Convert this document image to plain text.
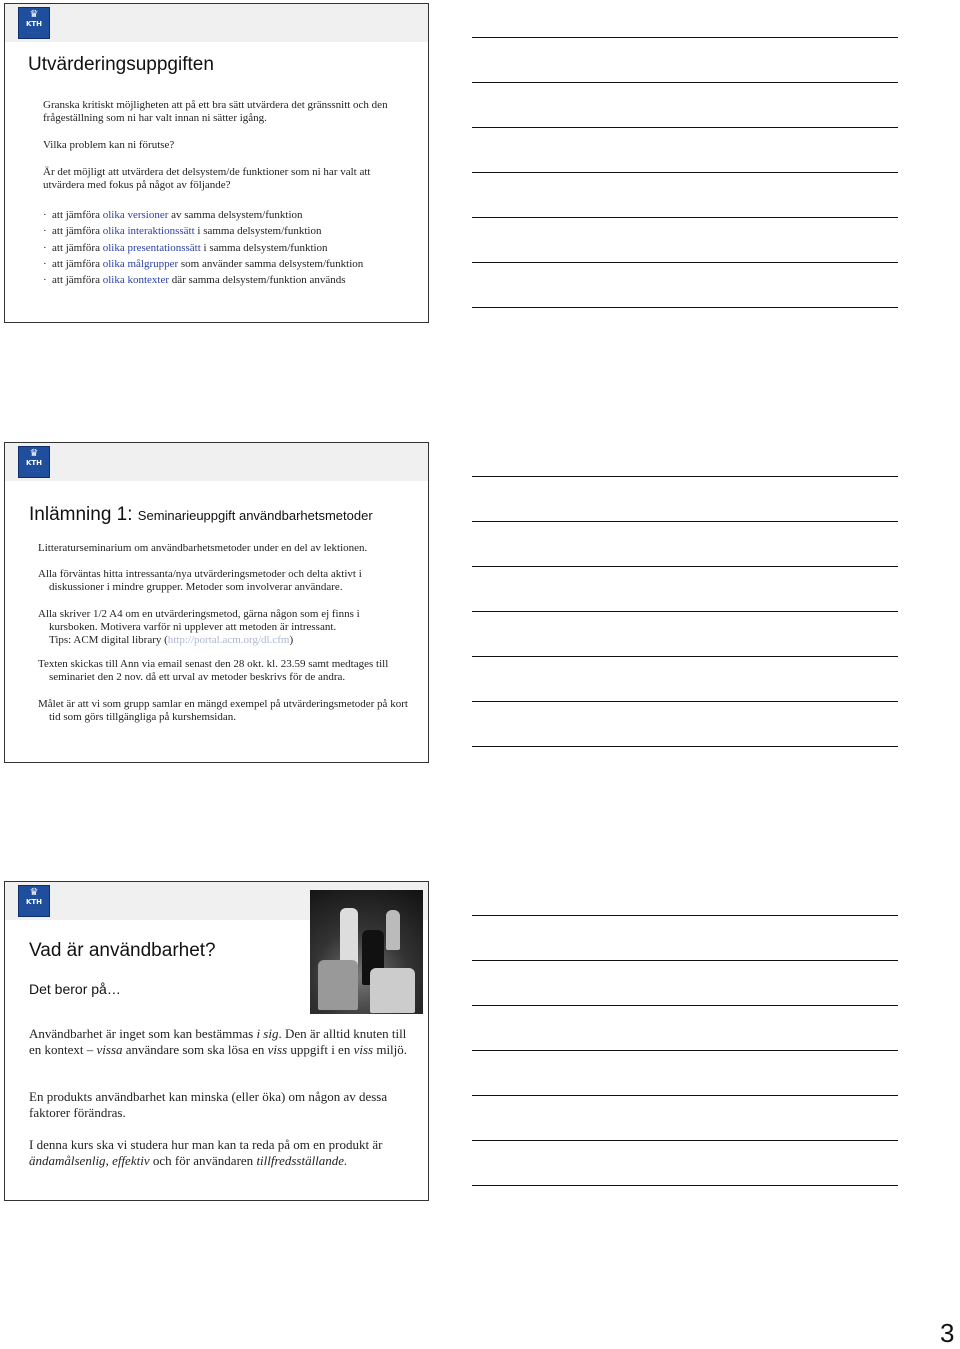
♛
KTH
· · · · ·
Utvärderingsuppgiften

Granska kritiskt möjligheten att på ett bra sätt utvärdera det gränssnitt och den frågeställning som ni har valt innan ni sätter igång.

Vilka problem kan ni förutse?

Är det möjligt att utvärdera det delsystem/de funktioner som ni har valt att utvärdera med fokus på något av följande?

· att jämföra olika versioner av samma delsystem/funktion
· att jämföra olika interaktionssätt i samma delsystem/funktion
· att jämföra olika presentationssätt i samma delsystem/funktion
· att jämföra olika målgrupper som använder samma delsystem/funktion
· att jämföra olika kontexter där samma delsystem/funktion används
♛
KTH
· · · · ·
Inlämning 1: Seminarieuppgift användbarhetsmetoder

Litteraturseminarium om användbarhetsmetoder under en del av lektionen.

Alla förväntas hitta intressanta/nya utvärderingsmetoder och delta aktivt i diskussioner i mindre grupper. Metoder som involverar användare.

Alla skriver 1/2 A4 om en utvärderingsmetod, gärna någon som ej finns i kursboken. Motivera varför ni upplever att metoden är intressant.

Tips: ACM digital library (http://portal.acm.org/dl.cfm)

Texten skickas till Ann via email senast den 28 okt. kl. 23.59 samt medtages till seminariet den 2 nov. då ett urval av metoder beskrivs för de andra.

Målet är att vi som grupp samlar en mängd exempel på utvärderingsmetoder på kort tid som görs tillgängliga på kurshemsidan.

♛
KTH
· · · · ·
Vad är användbarhet?
Det beror på…

Användbarhet är inget som kan bestämmas i sig. Den är alltid knuten till en kontext – vissa användare som ska lösa en viss uppgift i en viss miljö.

En produkts användbarhet kan minska (eller öka) om någon av dessa faktorer förändras.

I denna kurs ska vi studera hur man kan ta reda på om en produkt är ändamålsenlig, effektiv och för användaren tillfredsställande.

3
